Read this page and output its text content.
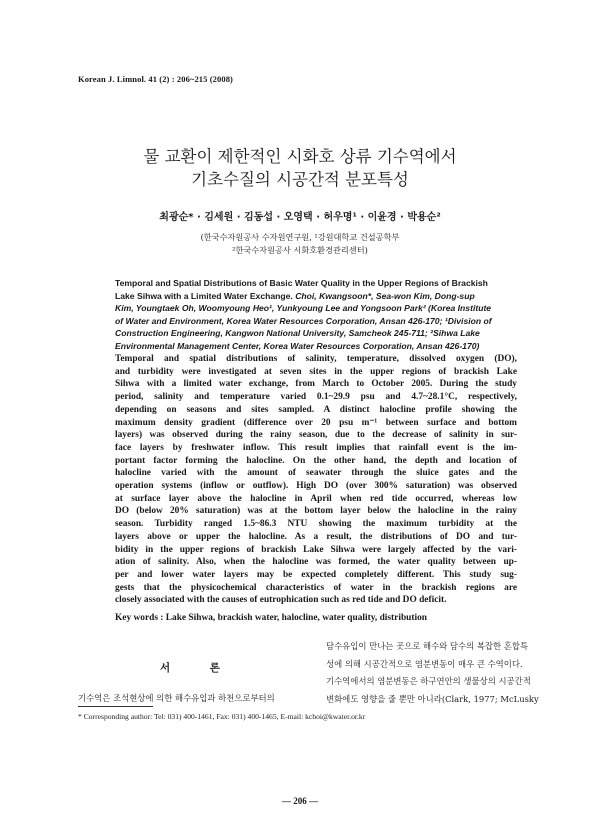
Korean J. Limnol. 41 (2) : 206~215 (2008)
물 교환이 제한적인 시화호 상류 기수역에서
기초수질의 시공간적 분포특성
최광순* · 김세원 · 김동섭 · 오영택 · 허우명¹ · 이윤경 · 박용순²
(한국수자원공사 수자원연구원, ¹강원대학교 건설공학부
²한국수자원공사 시화호환경관리센터)
Temporal and Spatial Distributions of Basic Water Quality in the Upper Regions of Brackish
Lake Sihwa with a Limited Water Exchange. Choi, Kwangsoon*, Sea-won Kim, Dong-sup
Kim, Youngtaek Oh, Woomyoung Heo¹, Yunkyoung Lee and Yongsoon Park² (Korea Institute
of Water and Environment, Korea Water Resources Corporation, Ansan 426-170; ¹Division of
Construction Engineering, Kangwon National University, Samcheok 245-711; ²Sihwa Lake
Environmental Management Center, Korea Water Resources Corporation, Ansan 426-170)
Temporal and spatial distributions of salinity, temperature, dissolved oxygen (DO),
and turbidity were investigated at seven sites in the upper regions of brackish Lake
Sihwa with a limited water exchange, from March to October 2005. During the study
period, salinity and temperature varied 0.1~29.9 psu and 4.7~28.1°C, respectively,
depending on seasons and sites sampled. A distinct halocline profile showing the
maximum density gradient (difference over 20 psu m⁻¹ between surface and bottom
layers) was observed during the rainy season, due to the decrease of salinity in sur-
face layers by freshwater inflow. This result implies that rainfall event is the im-
portant factor forming the halocline. On the other hand, the depth and location of
halocline varied with the amount of seawater through the sluice gates and the
operation systems (inflow or outflow). High DO (over 300% saturation) was observed
at surface layer above the halocline in April when red tide occurred, whereas low
DO (below 20% saturation) was at the bottom layer below the halocline in the rainy
season. Turbidity ranged 1.5~86.3 NTU showing the maximum turbidity at the
layers above or upper the halocline. As a result, the distributions of DO and tur-
bidity in the upper regions of brackish Lake Sihwa were largely affected by the vari-
ation of salinity. Also, when the halocline was formed, the water quality between up-
per and lower water layers may be expected completely different. This study sug-
gests that the physicochemical characteristics of water in the brackish regions are
closely associated with the causes of eutrophication such as red tide and DO deficit.
Key words : Lake Sihwa, brackish water, halocline, water quality, distribution
서 론
기수역은 조석현상에 의한 해수유입과 하천으로부터의
담수유입이 만나는 곳으로 해수와 담수의 복잡한 혼합특
성에 의해 시공간적으로 염분변동이 매우 큰 수역이다.
기수역에서의 염분변동은 하구연안의 생물상의 시공간적
변화에도 영향을 줄 뿐만 아니라(Clark, 1977; McLusky
* Corresponding author: Tel: 031) 400-1461, Fax: 031) 400-1465, E-mail: kchoi@kwater.or.kr
— 206 —
